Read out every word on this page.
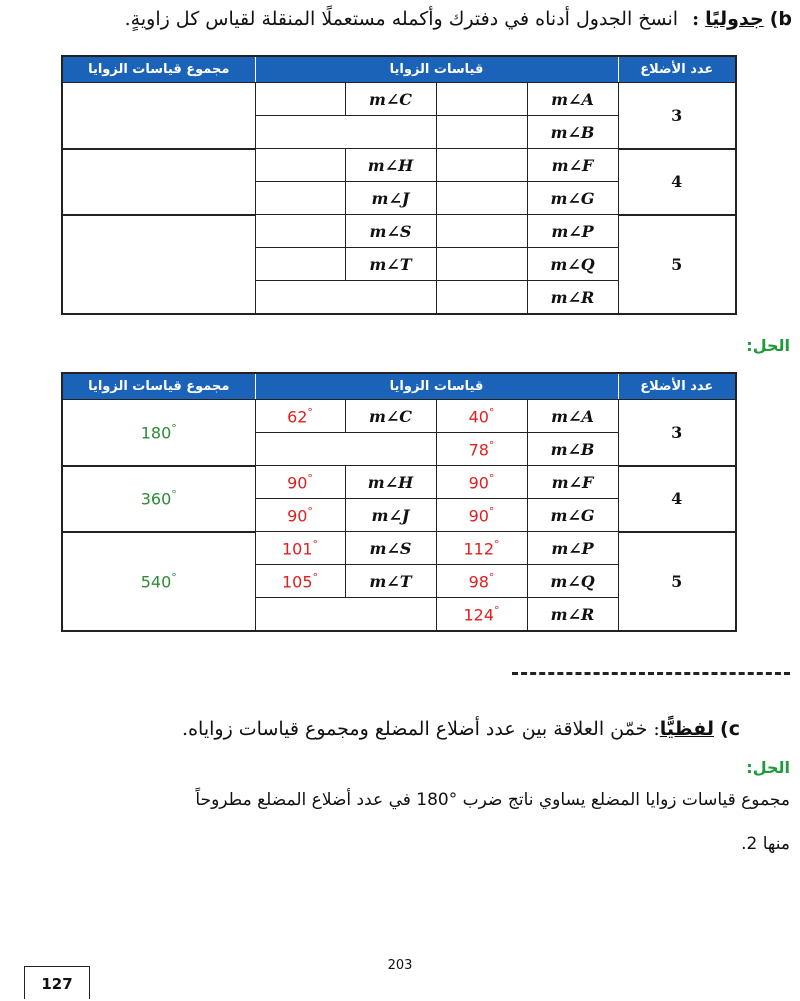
b) جدوليًا: انسخ الجدول أدناه في دفترك وأكمله مستعملًا المنقلة لقياس كل زاويةٍ.
مجموع قياسات الزوايا	قياسات الزوايا				عدد الأضلاع
		m∠C		m∠A	3
				m∠B	
		m∠H		m∠F	4
		m∠J		m∠G	
		m∠S		m∠P	5
		m∠T		m∠Q	
				m∠R	
الحل:
مجموع قياسات الزوايا	قياسات الزوايا				عدد الأضلاع
180°	62°	m∠C	40°	m∠A	3
			78°	m∠B	
360°	90°	m∠H	90°	m∠F	4
	90°	m∠J	90°	m∠G	
540°	101°	m∠S	112°	m∠P	5
	105°	m∠T	98°	m∠Q	
			124°	m∠R	
c) لفظيًّا: خمّن العلاقة بين عدد أضلاع المضلع ومجموع قياسات زواياه.
الحل:
مجموع قياسات زوايا المضلع يساوي ناتج ضرب °180 في عدد أضلاع المضلع مطروحاً
منها 2.
203
127
